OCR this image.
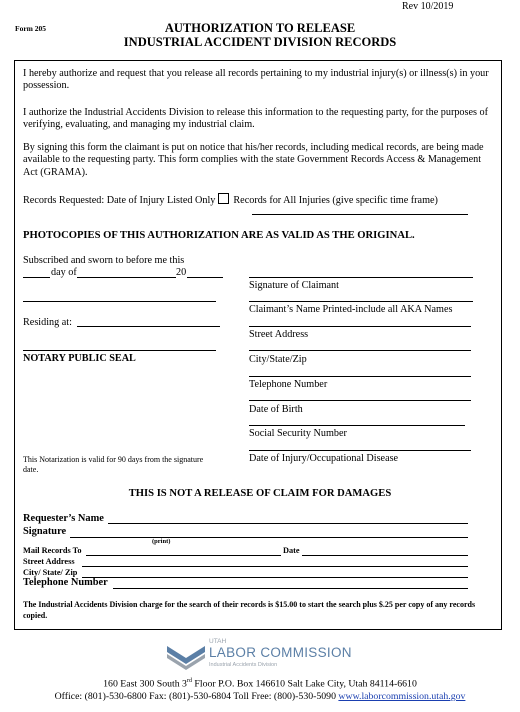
Rev 10/2019
Form 205	AUTHORIZATION TO RELEASE
INDUSTRIAL ACCIDENT DIVISION RECORDS
I hereby authorize and request that you release all records pertaining to my industrial injury(s) or illness(s) in your possession.
I authorize the Industrial Accidents Division to release this information to the requesting party, for the purposes of verifying, evaluating, and managing my industrial claim.
By signing this form the claimant is put on notice that his/her records, including medical records, are being made available to the requesting party. This form complies with the state Government Records Access & Management Act (GRAMA).
Records Requested: Date of Injury Listed Only Records for All Injuries (give specific time frame)
PHOTOCOPIES OF THIS AUTHORIZATION ARE AS VALID AS THE ORIGINAL.
Subscribed and sworn to before me this
day of	20
Residing at:
NOTARY PUBLIC SEAL
This Notarization is valid for 90 days from the signature date.
Signature of Claimant
Claimant’s Name Printed-include all AKA Names
Street Address
City/State/Zip
Telephone Number
Date of Birth
Social Security Number
Date of Injury/Occupational Disease
THIS IS NOT A RELEASE OF CLAIM FOR DAMAGES
Requester’s Name
Signature
(print)
Mail Records To	Date
Street Address
City/ State/ Zip
Telephone Number
The Industrial Accidents Division charge for the search of their records is $15.00 to start the search plus $.25 per copy of any records copied.
UTAH
LABOR COMMISSION
Industrial Accidents Division
160 East 300 South 3rd Floor P.O. Box 146610 Salt Lake City, Utah 84114-6610
Office: (801)-530-6800 Fax: (801)-530-6804 Toll Free: (800)-530-5090 www.laborcommission.utah.gov
